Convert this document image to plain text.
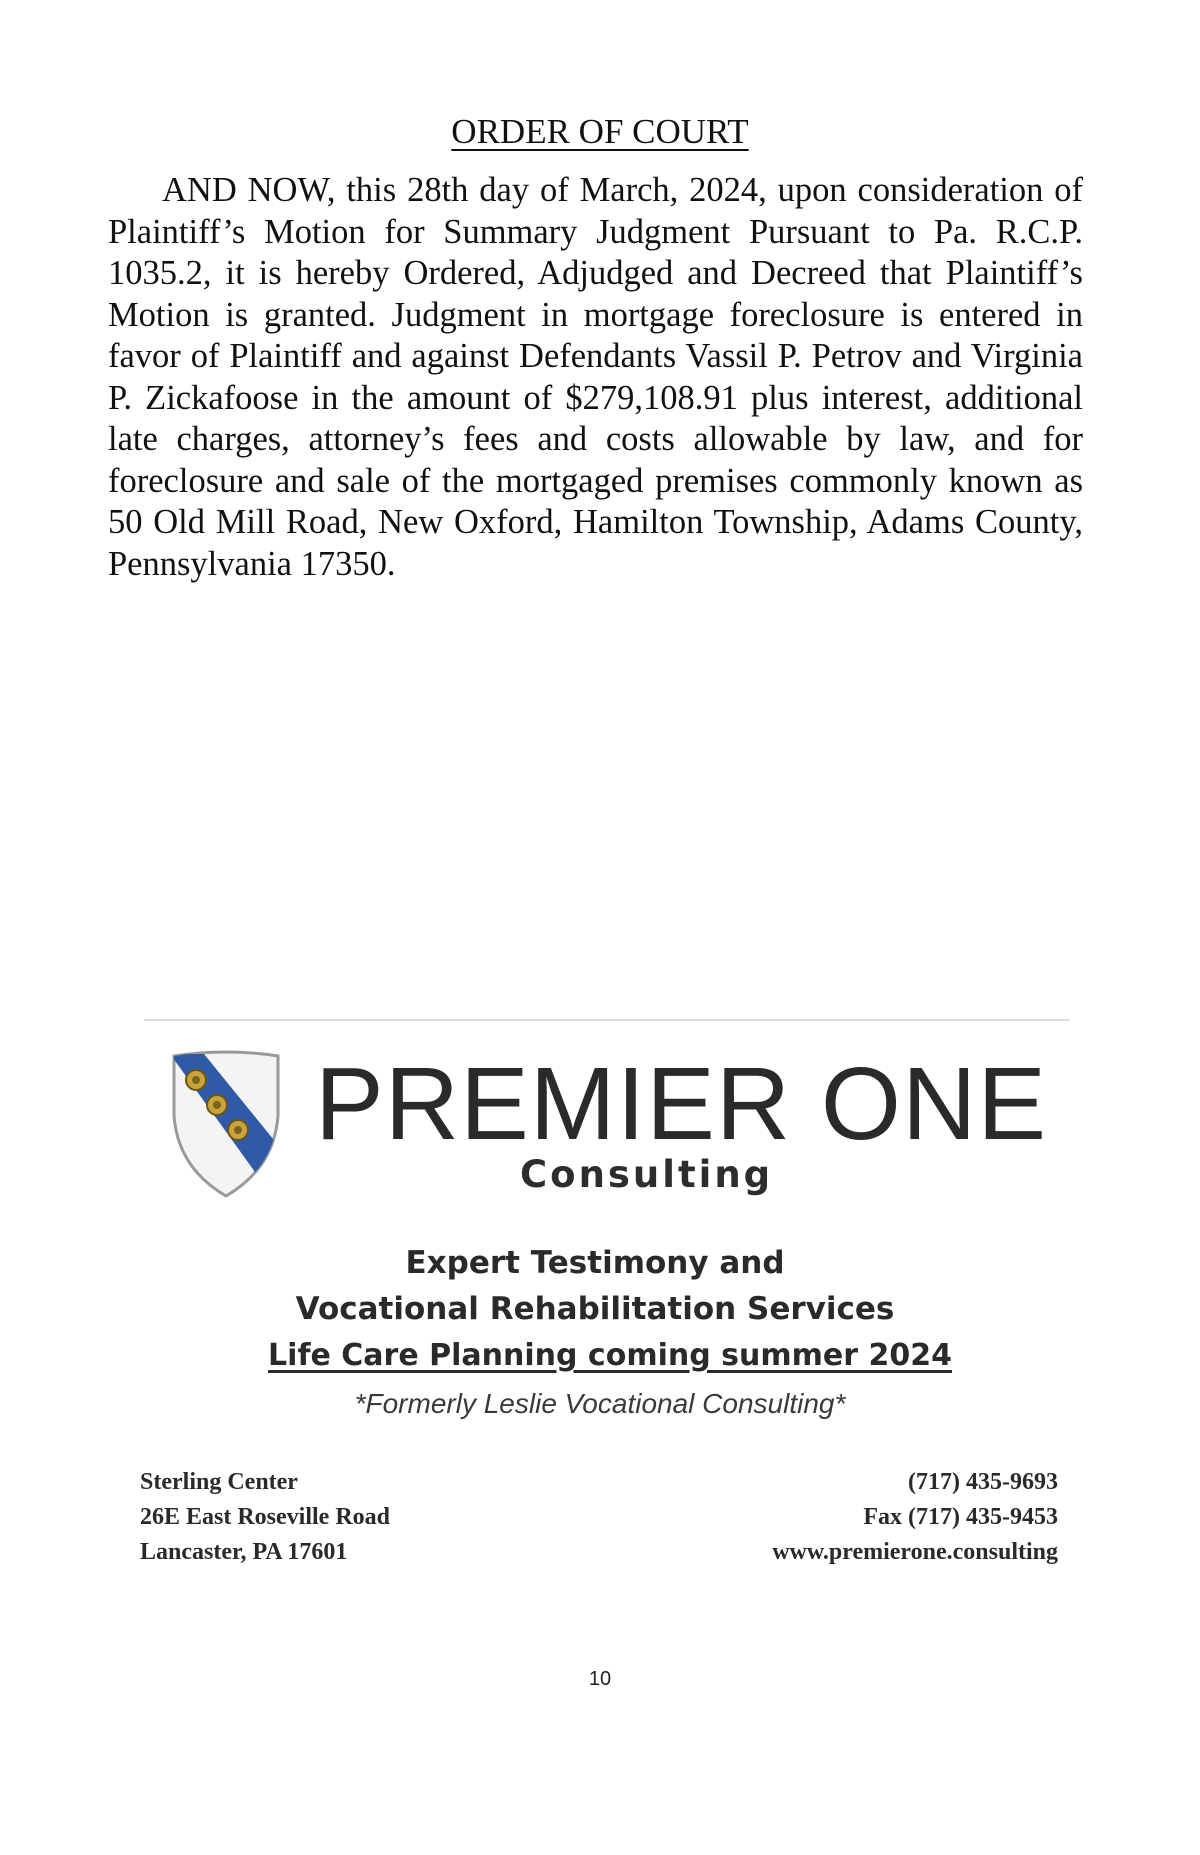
ORDER OF COURT

AND NOW, this 28th day of March, 2024, upon consideration of Plaintiff’s Motion for Summary Judgment Pursuant to Pa. R.C.P. 1035.2, it is hereby Ordered, Adjudged and Decreed that Plaintiff’s Motion is granted. Judgment in mortgage foreclosure is entered in favor of Plaintiff and against Defendants Vassil P. Petrov and Virginia P. Zickafoose in the amount of $279,108.91 plus interest, additional late charges, attorney’s fees and costs allowable by law, and for foreclosure and sale of the mortgaged premises commonly known as 50 Old Mill Road, New Oxford, Hamilton Township, Adams County, Pennsylvania 17350.

PREMIER ONE
Consulting
Expert Testimony and
Vocational Rehabilitation Services
Life Care Planning coming summer 2024
*Formerly Leslie Vocational Consulting*
Sterling Center
26E East Roseville Road
Lancaster, PA 17601
(717) 435-9693
Fax (717) 435-9453
www.premierone.consulting
10
